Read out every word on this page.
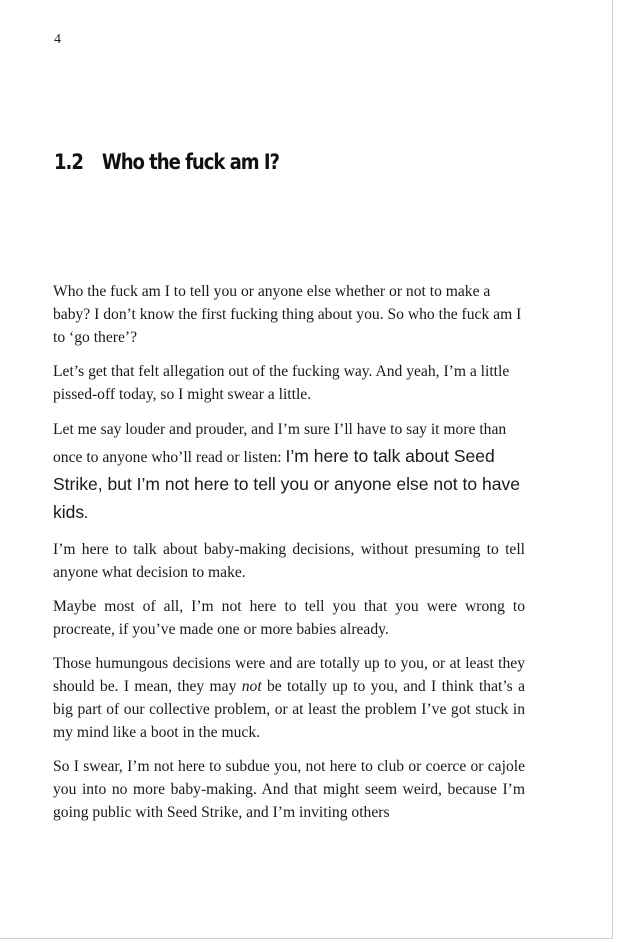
4
1.2 Who the fuck am I?

Who the fuck am I to tell you or anyone else whether or not to make a baby? I don’t know the first fucking thing about you. So who the fuck am I to ‘go there’?

Let’s get that felt allegation out of the fucking way. And yeah, I’m a little pissed-off today, so I might swear a little.

Let me say louder and prouder, and I’m sure I’ll have to say it more than once to anyone who’ll read or listen: I’m here to talk about Seed Strike, but I’m not here to tell you or anyone else not to have kids.

I’m here to talk about baby-making decisions, without presuming to tell anyone what decision to make.

Maybe most of all, I’m not here to tell you that you were wrong to procreate, if you’ve made one or more babies already.

Those humungous decisions were and are totally up to you, or at least they should be. I mean, they may not be totally up to you, and I think that’s a big part of our collective problem, or at least the problem I’ve got stuck in my mind like a boot in the muck.

So I swear, I’m not here to subdue you, not here to club or coerce or cajole you into no more baby-making. And that might seem weird, because I’m going public with Seed Strike, and I’m inviting others
